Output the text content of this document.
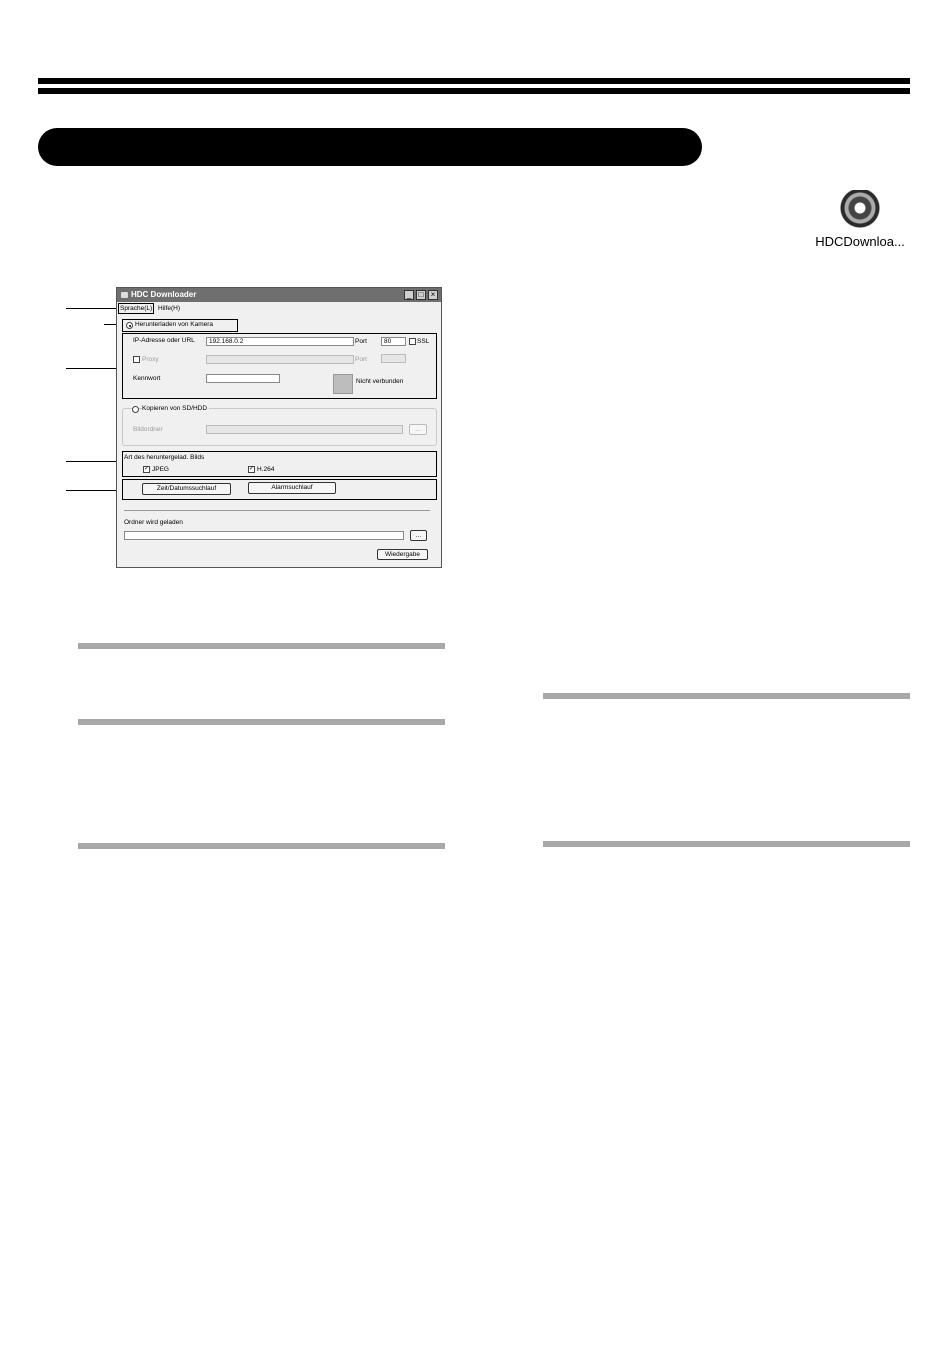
HDCDownloa...
HDC Downloader	_ □ ×
Sprache(L) Hilfe(H)
Herunterladen von Kamera
IP-Adresse oder URL	192.168.0.2	Port	80	SSL
Proxy	Port
Kennwort	Nicht verbunden
Kopieren von SD/HDD
Bildordner	...
Art des heruntergelad. Bilds
✓ JPEG	✓ H.264
Zeit/Datumssuchlauf	Alarmsuchlauf
Ordner wird geladen
...
Wiedergabe
